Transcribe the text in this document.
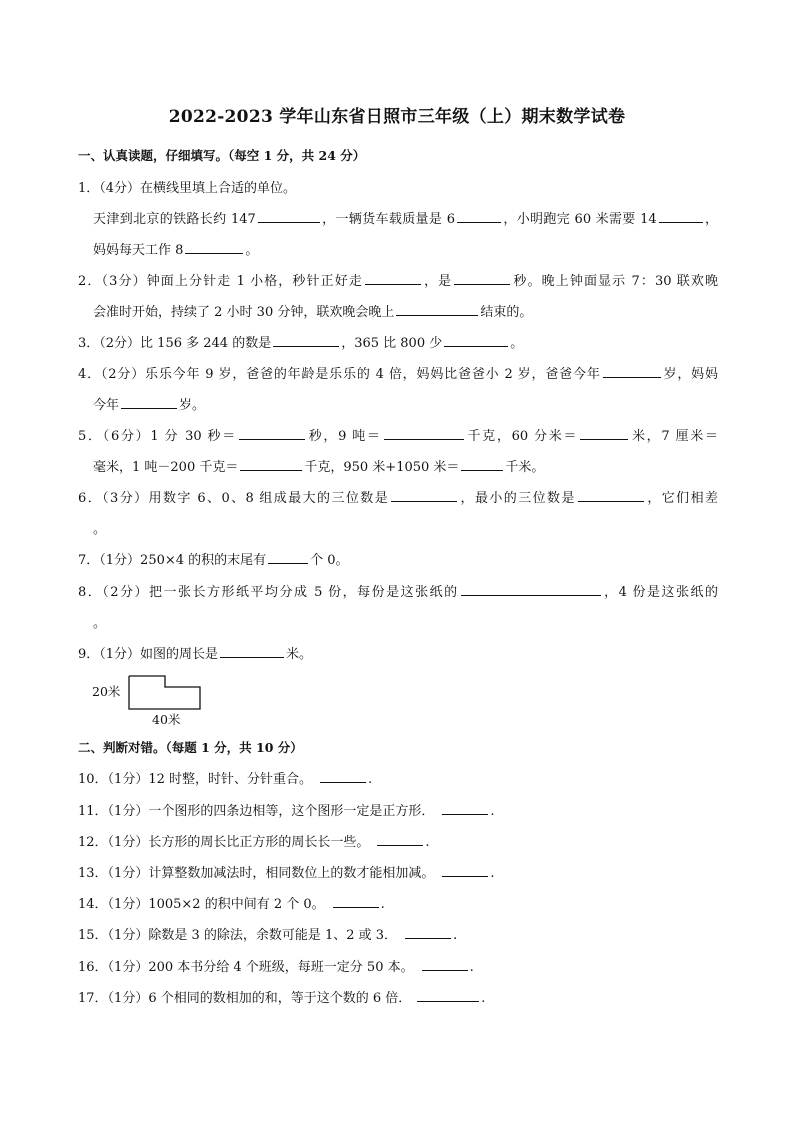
2022-2023 学年山东省日照市三年级（上）期末数学试卷
一、认真读题，仔细填写。（每空 1 分，共 24 分）
1．（4分）在横线里填上合适的单位。
天津到北京的铁路长约 147	，一辆货车载质量是 6	，小明跑完 60 米需要 14	，
妈妈每天工作 8	。
2．（3分）钟面上分针走 1 小格，秒针正好走	，是	秒。晚上钟面显示 7：30 联欢晚
会准时开始，持续了 2 小时 30 分钟，联欢晚会晚上	结束的。
3．（2分）比 156 多 244 的数是	，365 比 800 少	。
4．（2分）乐乐今年 9 岁，爸爸的年龄是乐乐的 4 倍，妈妈比爸爸小 2 岁，爸爸今年	岁，妈妈
今年	岁。
5．（6分）1 分 30 秒＝	秒，9 吨＝	千克，60 分米＝	米，7 厘米＝
毫米，1 吨－200 千克＝	千克，950 米+1050 米＝	千米。
6．（3分）用数字 6、0、8 组成最大的三位数是	，最小的三位数是	，它们相差
。
7．（1分）250×4 的积的末尾有	个 0。
8．（2分）把一张长方形纸平均分成 5 份，每份是这张纸的	，4 份是这张纸的
。
9．（1分）如图的周长是	米。
20米
40米
二、判断对错。（每题 1 分，共 10 分）
10．（1分）12 时整，时针、分针重合。	.
11．（1分）一个图形的四条边相等，这个图形一定是正方形．	.
12．（1分）长方形的周长比正方形的周长长一些。	.
13．（1分）计算整数加减法时，相同数位上的数才能相加减。	.
14．（1分）1005×2 的积中间有 2 个 0。	.
15．（1分）除数是 3 的除法，余数可能是 1、2 或 3．	.
16．（1分）200 本书分给 4 个班级，每班一定分 50 本。	.
17．（1分）6 个相同的数相加的和，等于这个数的 6 倍．	.
